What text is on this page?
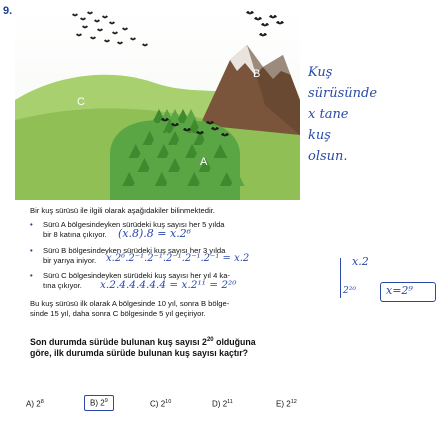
9.
C
B
A
Kuş
sürüsünde
x tane
kuş
olsun.
Bir kuş sürüsü ile ilgili olarak aşağıdakiler bilinmektedir.
• Sürü A bölgesindeyken sürüdeki kuş sayısı her 5 yılda
bir 8 katına çıkıyor. (x.8).8 = x.2⁶
• Sürü B bölgesindeyken sürüdeki kuş sayısı her 3 yılda
bir yarıya iniyor. x.2⁶.2⁻¹.2⁻¹.2⁻¹.2⁻¹.2⁻¹ = x.2
• Sürü C bölgesindeyken sürüdeki kuş sayısı her yıl 4 ka-
tına çıkıyor. x.2.4.4.4.4.4 = x.2¹¹ = 2²⁰
x.2
2²⁰	x=2⁹
Bu kuş sürüsü ilk olarak A bölgesinde 10 yıl, sonra B bölge-
sinde 15 yıl, daha sonra C bölgesinde 5 yıl geçiriyor.
Son durumda sürüde bulunan kuş sayısı $2^{20}$ olduğuna
göre, ilk durumda sürüde bulunan kuş sayısı kaçtır?
A) $2^8$	B) $2^9$	C) $2^{10}$	D) $2^{11}$	E) $2^{12}$
